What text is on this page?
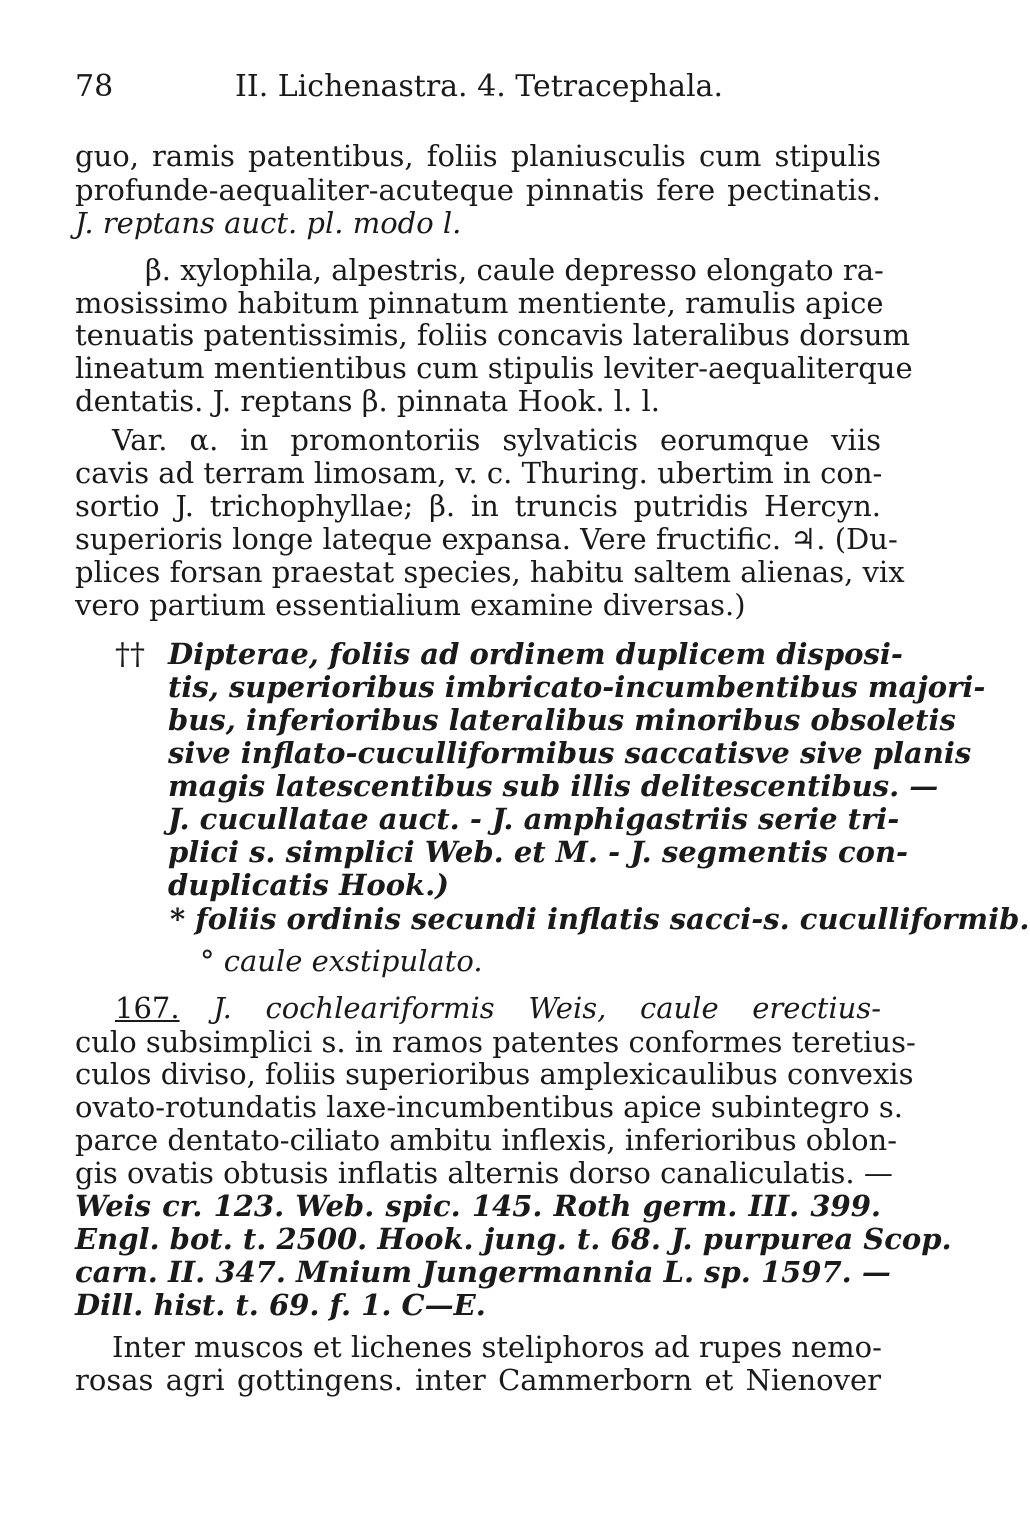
78	II. Lichenastra. 4. Tetracephala.
guo, ramis patentibus, foliis planiusculis cum stipulis
profunde-aequaliter-acuteque pinnatis fere pectinatis.
J. reptans auct. pl. modo l.
β. xylophila, alpestris, caule depresso elongato ra-
mosissimo habitum pinnatum mentiente, ramulis apice
tenuatis patentissimis, foliis concavis lateralibus dorsum
lineatum mentientibus cum stipulis leviter-aequaliterque
dentatis. J. reptans β. pinnata Hook. l. l.
Var. α. in promontoriis sylvaticis eorumque viis
cavis ad terram limosam, v. c. Thuring. ubertim in con-
sortio J. trichophyllae; β. in truncis putridis Hercyn.
superioris longe lateque expansa. Vere fructific. ♃. (Du-
plices forsan praestat species, habitu saltem alienas, vix
vero partium essentialium examine diversas.)
†† Dipterae, foliis ad ordinem duplicem disposi-
tis, superioribus imbricato-incumbentibus majori-
bus, inferioribus lateralibus minoribus obsoletis
sive inflato-cuculliformibus saccatisve sive planis
magis latescentibus sub illis delitescentibus. —
J. cucullatae auct. - J. amphigastriis serie tri-
plici s. simplici Web. et M. - J. segmentis con-
duplicatis Hook.)
* foliis ordinis secundi inflatis sacci-s. cuculliformib.
° caule exstipulato.
167. J. cochleariformis Weis, caule erectius-
culo subsimplici s. in ramos patentes conformes teretius-
culos diviso, foliis superioribus amplexicaulibus convexis
ovato-rotundatis laxe-incumbentibus apice subintegro s.
parce dentato-ciliato ambitu inflexis, inferioribus oblon-
gis ovatis obtusis inflatis alternis dorso canaliculatis. —
Weis cr. 123. Web. spic. 145. Roth germ. III. 399.
Engl. bot. t. 2500. Hook. jung. t. 68. J. purpurea Scop.
carn. II. 347. Mnium Jungermannia L. sp. 1597. —
Dill. hist. t. 69. f. 1. C—E.
Inter muscos et lichenes steliphoros ad rupes nemo-
rosas agri gottingens. inter Cammerborn et Nienover
